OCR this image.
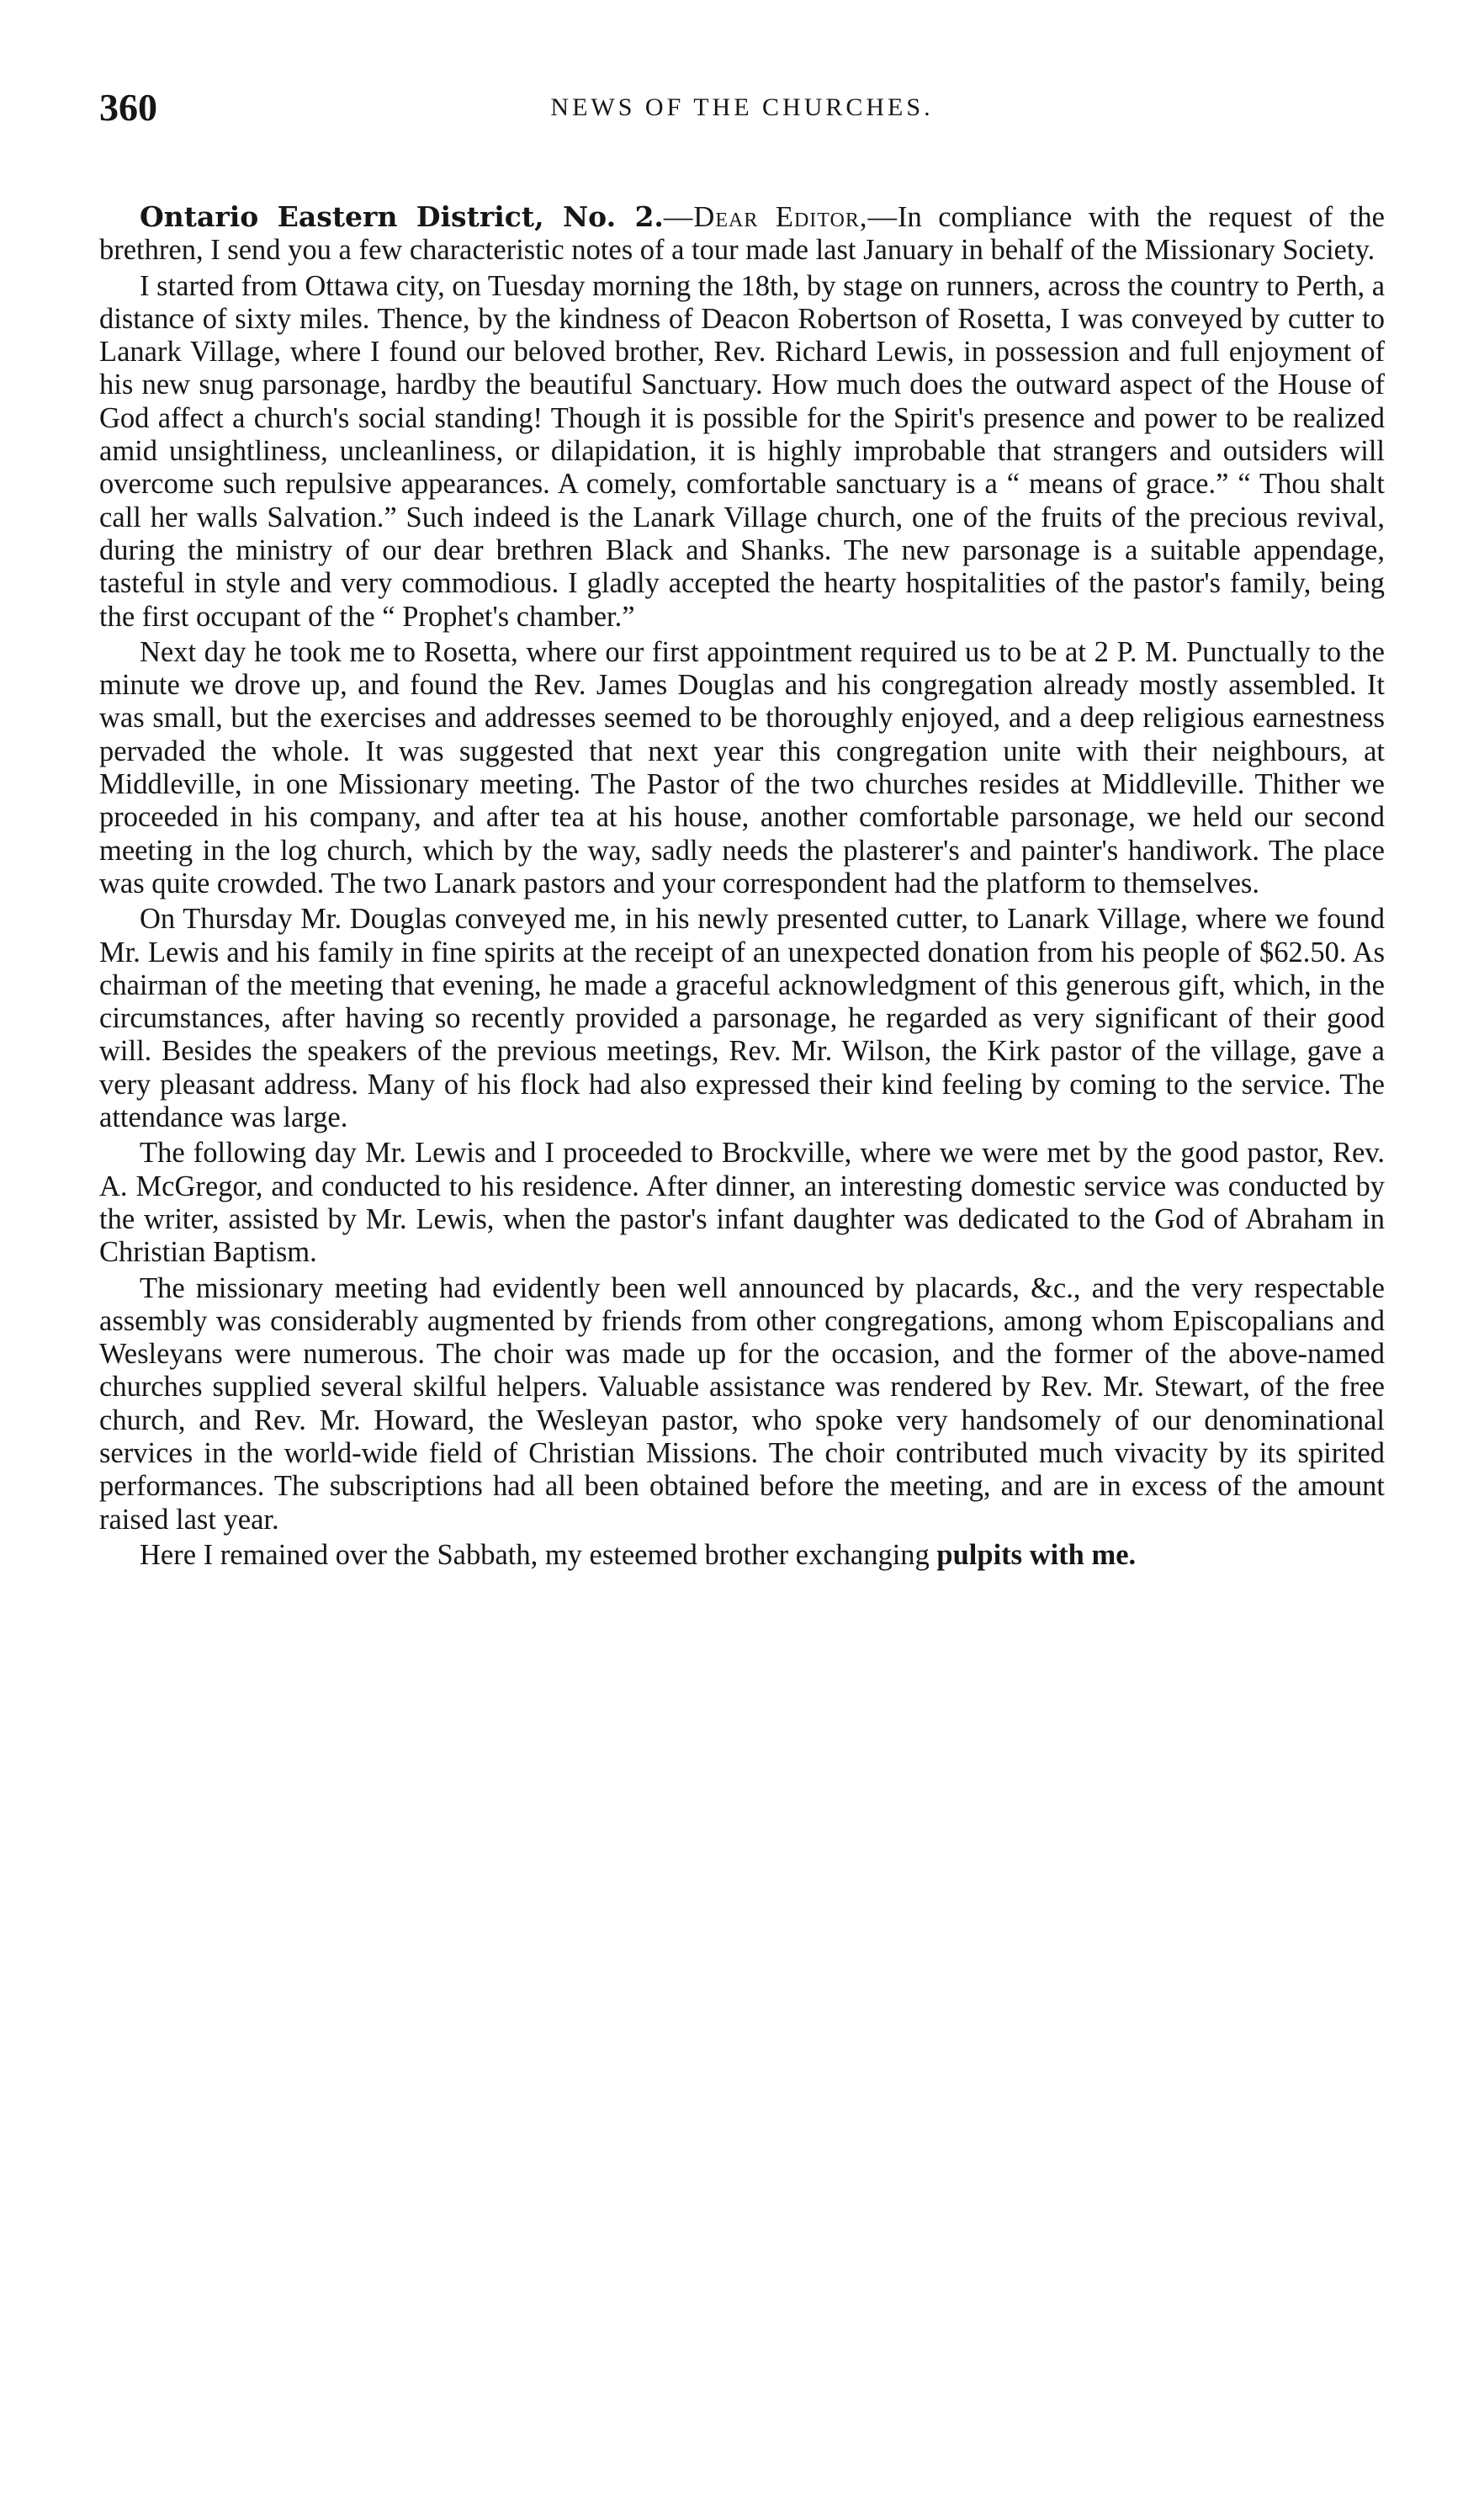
360	NEWS OF THE CHURCHES.

Ontario Eastern District, No. 2.—Dear Editor,—In compliance with the request of the brethren, I send you a few characteristic notes of a tour made last January in behalf of the Missionary Society.

I started from Ottawa city, on Tuesday morning the 18th, by stage on runners, across the country to Perth, a distance of sixty miles. Thence, by the kindness of Deacon Robertson of Rosetta, I was conveyed by cutter to Lanark Village, where I found our beloved brother, Rev. Richard Lewis, in possession and full enjoyment of his new snug parsonage, hardby the beautiful Sanctuary. How much does the outward aspect of the House of God affect a church's social standing! Though it is possible for the Spirit's presence and power to be realized amid unsightliness, uncleanliness, or dilapidation, it is highly improbable that strangers and outsiders will overcome such repulsive appearances. A comely, comfortable sanctuary is a “ means of grace.” “ Thou shalt call her walls Salvation.” Such indeed is the Lanark Village church, one of the fruits of the precious revival, during the ministry of our dear brethren Black and Shanks. The new parsonage is a suitable appendage, tasteful in style and very commodious. I gladly accepted the hearty hospitalities of the pastor's family, being the first occupant of the “ Prophet's chamber.”

Next day he took me to Rosetta, where our first appointment required us to be at 2 P. M. Punctually to the minute we drove up, and found the Rev. James Douglas and his congregation already mostly assembled. It was small, but the exercises and addresses seemed to be thoroughly enjoyed, and a deep religious earnestness pervaded the whole. It was suggested that next year this congregation unite with their neighbours, at Middleville, in one Missionary meeting. The Pastor of the two churches resides at Middleville. Thither we proceeded in his company, and after tea at his house, another comfortable parsonage, we held our second meeting in the log church, which by the way, sadly needs the plasterer's and painter's handiwork. The place was quite crowded. The two Lanark pastors and your correspondent had the platform to themselves.

On Thursday Mr. Douglas conveyed me, in his newly presented cutter, to Lanark Village, where we found Mr. Lewis and his family in fine spirits at the receipt of an unexpected donation from his people of $62.50. As chairman of the meeting that evening, he made a graceful acknowledgment of this generous gift, which, in the circumstances, after having so recently provided a parsonage, he regarded as very significant of their good will. Besides the speakers of the previous meetings, Rev. Mr. Wilson, the Kirk pastor of the village, gave a very pleasant address. Many of his flock had also expressed their kind feeling by coming to the service. The attendance was large.

The following day Mr. Lewis and I proceeded to Brockville, where we were met by the good pastor, Rev. A. McGregor, and conducted to his residence. After dinner, an interesting domestic service was conducted by the writer, assisted by Mr. Lewis, when the pastor's infant daughter was dedicated to the God of Abraham in Christian Baptism.

The missionary meeting had evidently been well announced by placards, &c., and the very respectable assembly was considerably augmented by friends from other congregations, among whom Episcopalians and Wesleyans were numerous. The choir was made up for the occasion, and the former of the above-named churches supplied several skilful helpers. Valuable assistance was rendered by Rev. Mr. Stewart, of the free church, and Rev. Mr. Howard, the Wesleyan pastor, who spoke very handsomely of our denominational services in the world-wide field of Christian Missions. The choir contributed much vivacity by its spirited performances. The subscriptions had all been obtained before the meeting, and are in excess of the amount raised last year.

Here I remained over the Sabbath, my esteemed brother exchanging pulpits with me.
